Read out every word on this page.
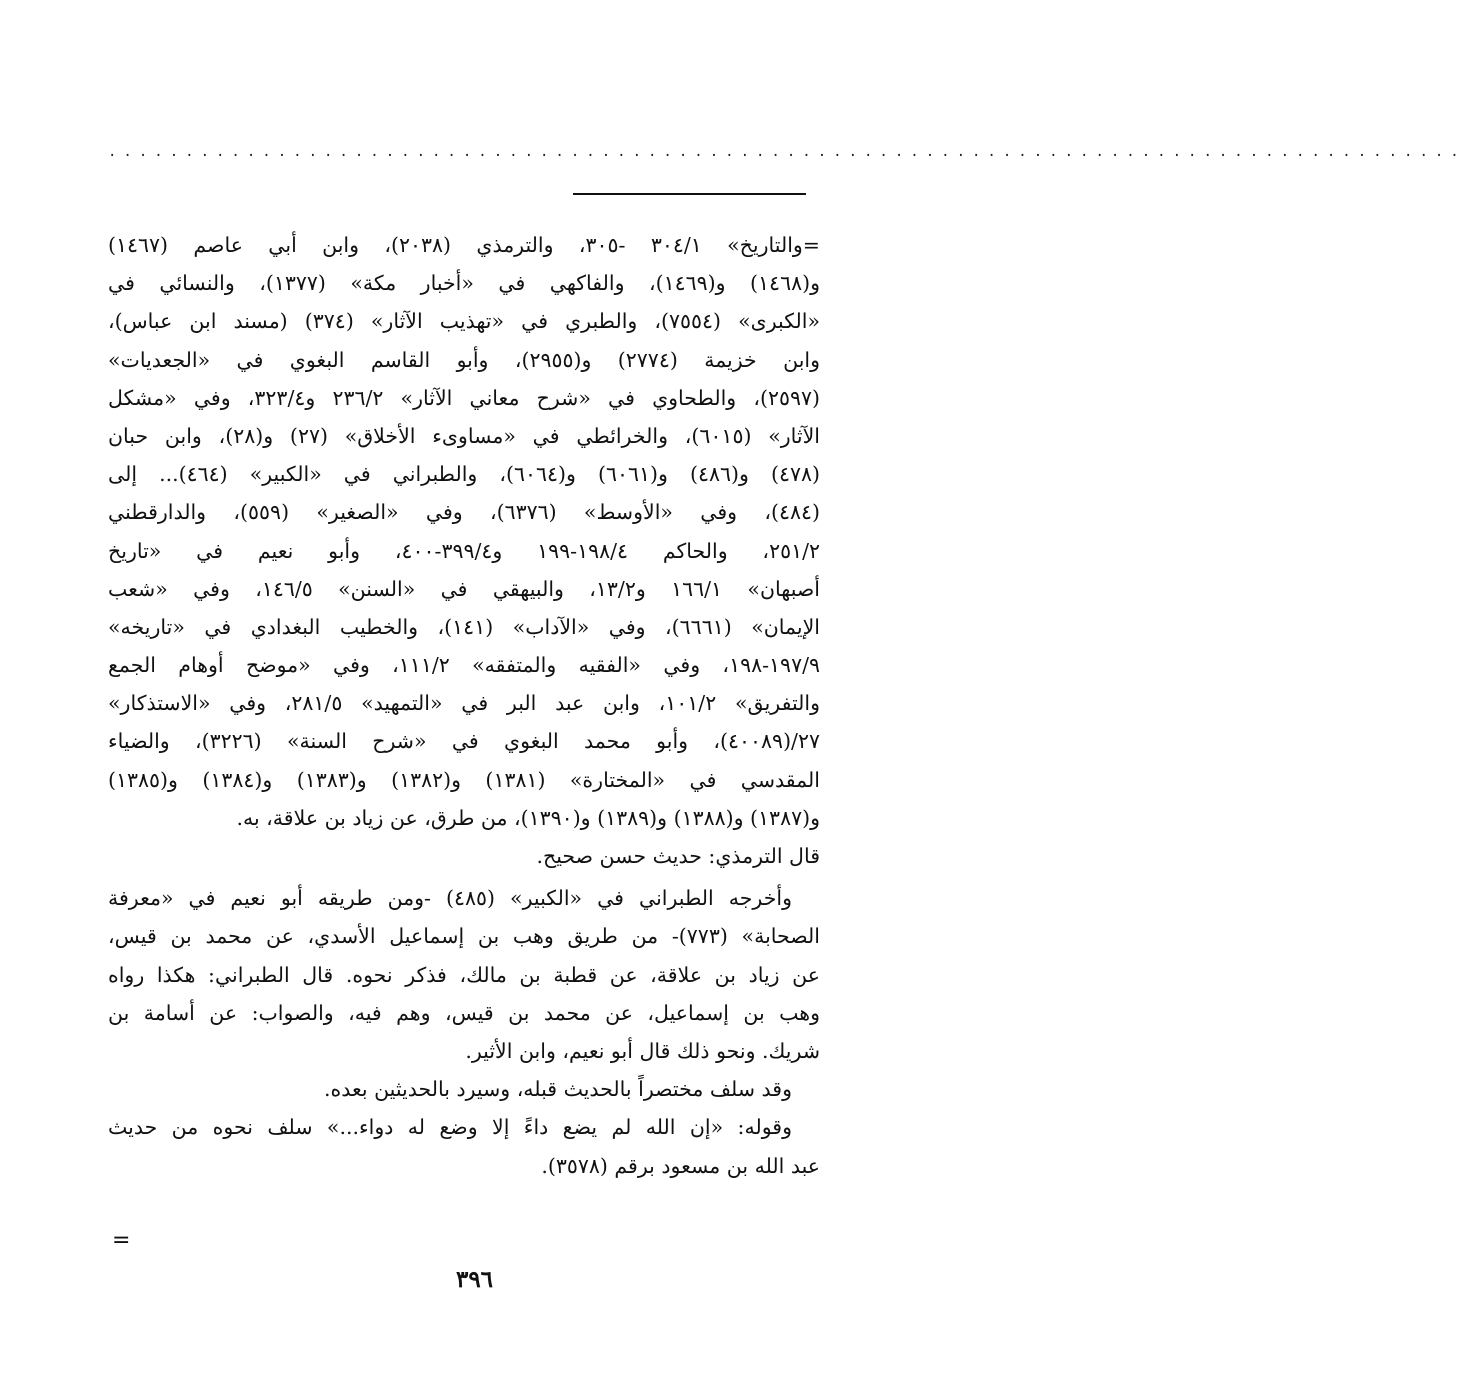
........................................................................................
=والتاريخ» ٣٠٤/١ -٣٠٥، والترمذي (٢٠٣٨)، وابن أبي عاصم (١٤٦٧)
و(١٤٦٨) و(١٤٦٩)، والفاكهي في «أخبار مكة» (١٣٧٧)، والنسائي في
«الكبرى» (٧٥٥٤)، والطبري في «تهذيب الآثار» (٣٧٤) (مسند ابن عباس)،
وابن خزيمة (٢٧٧٤) و(٢٩٥٥)، وأبو القاسم البغوي في «الجعديات»
(٢٥٩٧)، والطحاوي في «شرح معاني الآثار» ٢٣٦/٢ و٣٢٣/٤، وفي «مشكل
الآثار» (٦٠١٥)، والخرائطي في «مساوىء الأخلاق» (٢٧) و(٢٨)، وابن حبان
(٤٧٨) و(٤٨٦) و(٦٠٦١) و(٦٠٦٤)، والطبراني في «الكبير» (٤٦٤)... إلى
(٤٨٤)، وفي «الأوسط» (٦٣٧٦)، وفي «الصغير» (٥٥٩)، والدارقطني
٢٥١/٢، والحاكم ١٩٨/٤-١٩٩ و٣٩٩/٤-٤٠٠، وأبو نعيم في «تاريخ
أصبهان» ١٦٦/١ و١٣/٢، والبيهقي في «السنن» ١٤٦/٥، وفي «شعب
الإيمان» (٦٦٦١)، وفي «الآداب» (١٤١)، والخطيب البغدادي في «تاريخه»
١٩٧/٩-١٩٨، وفي «الفقيه والمتفقه» ١١١/٢، وفي «موضح أوهام الجمع
والتفريق» ١٠١/٢، وابن عبد البر في «التمهيد» ٢٨١/٥، وفي «الاستذكار»
٢٧/(٤٠٠٨٩)، وأبو محمد البغوي في «شرح السنة» (٣٢٢٦)، والضياء
المقدسي في «المختارة» (١٣٨١) و(١٣٨٢) و(١٣٨٣) و(١٣٨٤) و(١٣٨٥)
و(١٣٨٧) و(١٣٨٨) و(١٣٨٩) و(١٣٩٠)، من طرق، عن زياد بن علاقة، به.
قال الترمذي: حديث حسن صحيح.
وأخرجه الطبراني في «الكبير» (٤٨٥) -ومن طريقه أبو نعيم في «معرفة
الصحابة» (٧٧٣)- من طريق وهب بن إسماعيل الأسدي، عن محمد بن قيس،
عن زياد بن علاقة، عن قطبة بن مالك، فذكر نحوه. قال الطبراني: هكذا رواه
وهب بن إسماعيل، عن محمد بن قيس، وهم فيه، والصواب: عن أسامة بن
شريك. ونحو ذلك قال أبو نعيم، وابن الأثير.
وقد سلف مختصراً بالحديث قبله، وسيرد بالحديثين بعده.
وقوله: «إن الله لم يضع داءً إلا وضع له دواء...» سلف نحوه من حديث
عبد الله بن مسعود برقم (٣٥٧٨).
=
٣٩٦
